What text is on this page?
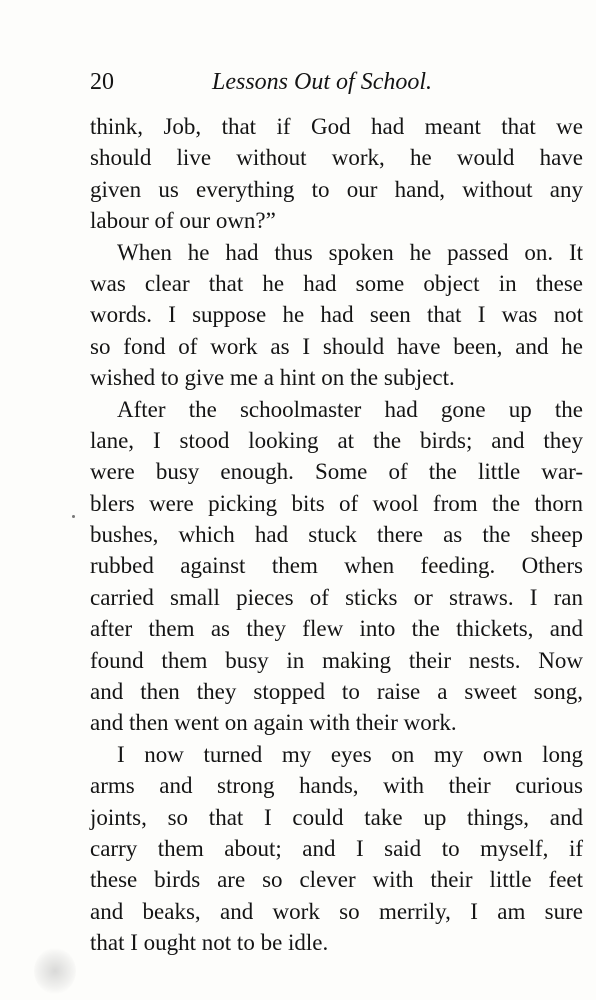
20	Lessons Out of School.
think, Job, that if God had meant that we
should live without work, he would have
given us everything to our hand, without any
labour of our own?”
When he had thus spoken he passed on. It
was clear that he had some object in these
words. I suppose he had seen that I was not
so fond of work as I should have been, and he
wished to give me a hint on the subject.
After the schoolmaster had gone up the
lane, I stood looking at the birds; and they
were busy enough. Some of the little war-
blers were picking bits of wool from the thorn
bushes, which had stuck there as the sheep
rubbed against them when feeding. Others
carried small pieces of sticks or straws. I ran
after them as they flew into the thickets, and
found them busy in making their nests. Now
and then they stopped to raise a sweet song,
and then went on again with their work.
I now turned my eyes on my own long
arms and strong hands, with their curious
joints, so that I could take up things, and
carry them about; and I said to myself, if
these birds are so clever with their little feet
and beaks, and work so merrily, I am sure
that I ought not to be idle.
